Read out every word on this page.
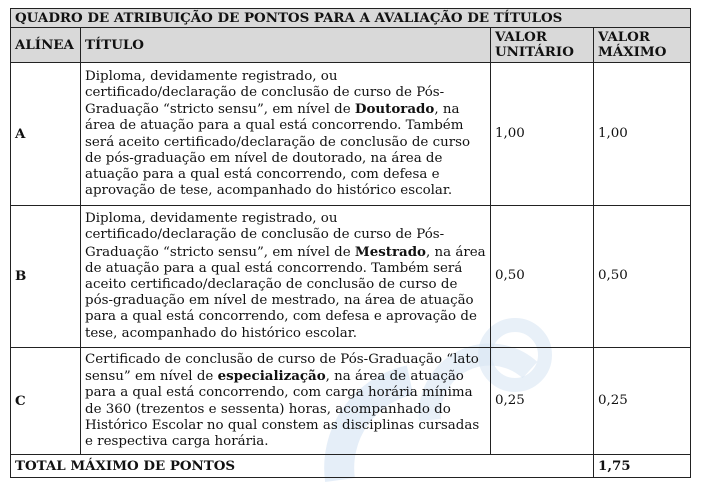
QUADRO DE ATRIBUIÇÃO DE PONTOS PARA A AVALIAÇÃO DE TÍTULOS			
ALÍNEA	TÍTULO	VALOR UNITÁRIO	VALOR MÁXIMO
A	Diploma, devidamente registrado, ou certificado/declaração de conclusão de curso de Pós-Graduação “stricto sensu”, em nível de Doutorado, na área de atuação para a qual está concorrendo. Também será aceito certificado/declaração de conclusão de curso de pós-graduação em nível de doutorado, na área de atuação para a qual está concorrendo, com defesa e aprovação de tese, acompanhado do histórico escolar.	1,00	1,00
B	Diploma, devidamente registrado, ou certificado/declaração de conclusão de curso de Pós-Graduação “stricto sensu”, em nível de Mestrado, na área de atuação para a qual está concorrendo. Também será aceito certificado/declaração de conclusão de curso de pós-graduação em nível de mestrado, na área de atuação para a qual está concorrendo, com defesa e aprovação de tese, acompanhado do histórico escolar.	0,50	0,50
C	Certificado de conclusão de curso de Pós-Graduação “lato sensu” em nível de especialização, na área de atuação para a qual está concorrendo, com carga horária mínima de 360 (trezentos e sessenta) horas, acompanhado do Histórico Escolar no qual constem as disciplinas cursadas e respectiva carga horária.	0,25	0,25
TOTAL MÁXIMO DE PONTOS			1,75
